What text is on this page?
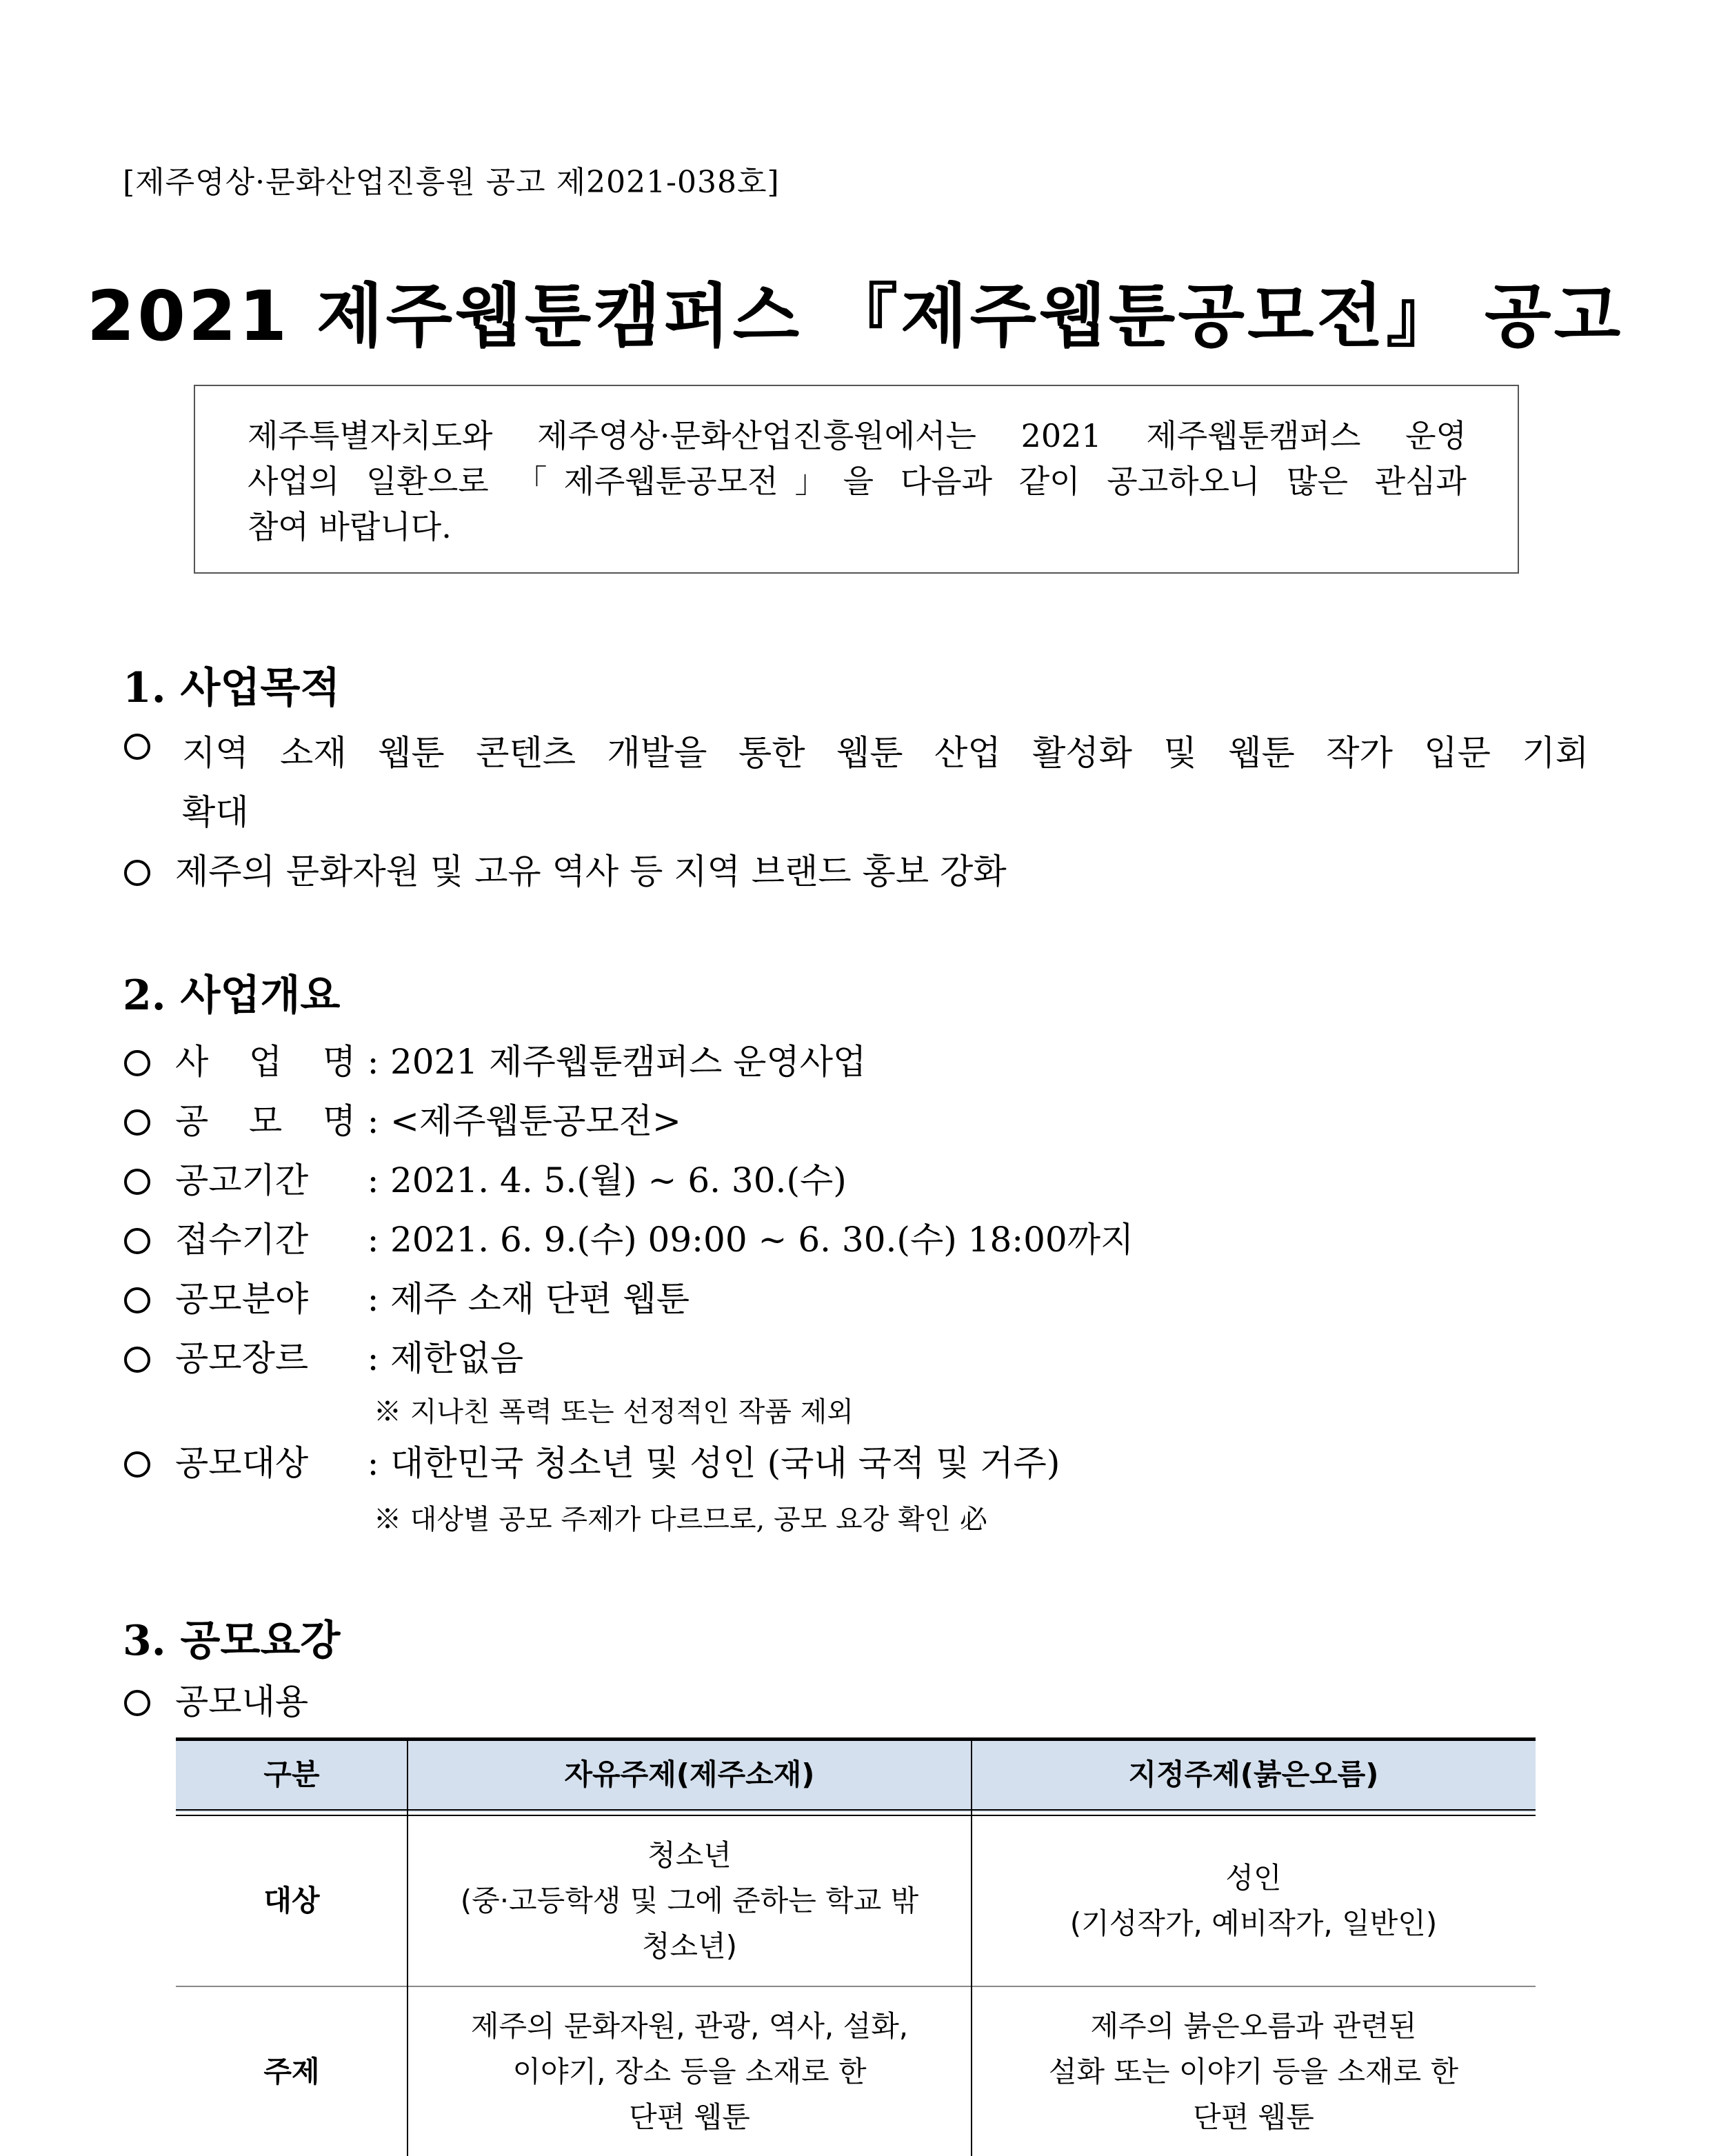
[제주영상·문화산업진흥원 공고 제2021-038호]
2021 제주웹툰캠퍼스 『제주웹툰공모전』 공고
제주특별자치도와 제주영상·문화산업진흥원에서는 2021 제주웹툰캠퍼스 운영
사업의 일환으로 「제주웹툰공모전」을 다음과 같이 공고하오니 많은 관심과
참여 바랍니다.
1. 사업목적
지역 소재 웹툰 콘텐츠 개발을 통한 웹툰 산업 활성화 및 웹툰 작가 입문 기회
확대
제주의 문화자원 및 고유 역사 등 지역 브랜드 홍보 강화
2. 사업개요
사 업 명 : 2021 제주웹툰캠퍼스 운영사업
공 모 명 : <제주웹툰공모전>
공고기간 : 2021. 4. 5.(월) ~ 6. 30.(수)
접수기간 : 2021. 6. 9.(수) 09:00 ~ 6. 30.(수) 18:00까지
공모분야 : 제주 소재 단편 웹툰
공모장르 : 제한없음
※ 지나친 폭력 또는 선정적인 작품 제외
공모대상 : 대한민국 청소년 및 성인 (국내 국적 및 거주)
※ 대상별 공모 주제가 다르므로, 공모 요강 확인 必
3. 공모요강
공모내용
구분	자유주제(제주소재)	지정주제(붉은오름)
대상
청소년
(중·고등학생 및 그에 준하는 학교 밖
청소년)
성인
(기성작가, 예비작가, 일반인)
주제
제주의 문화자원, 관광, 역사, 설화,
이야기, 장소 등을 소재로 한
단편 웹툰
제주의 붉은오름과 관련된
설화 또는 이야기 등을 소재로 한
단편 웹툰
